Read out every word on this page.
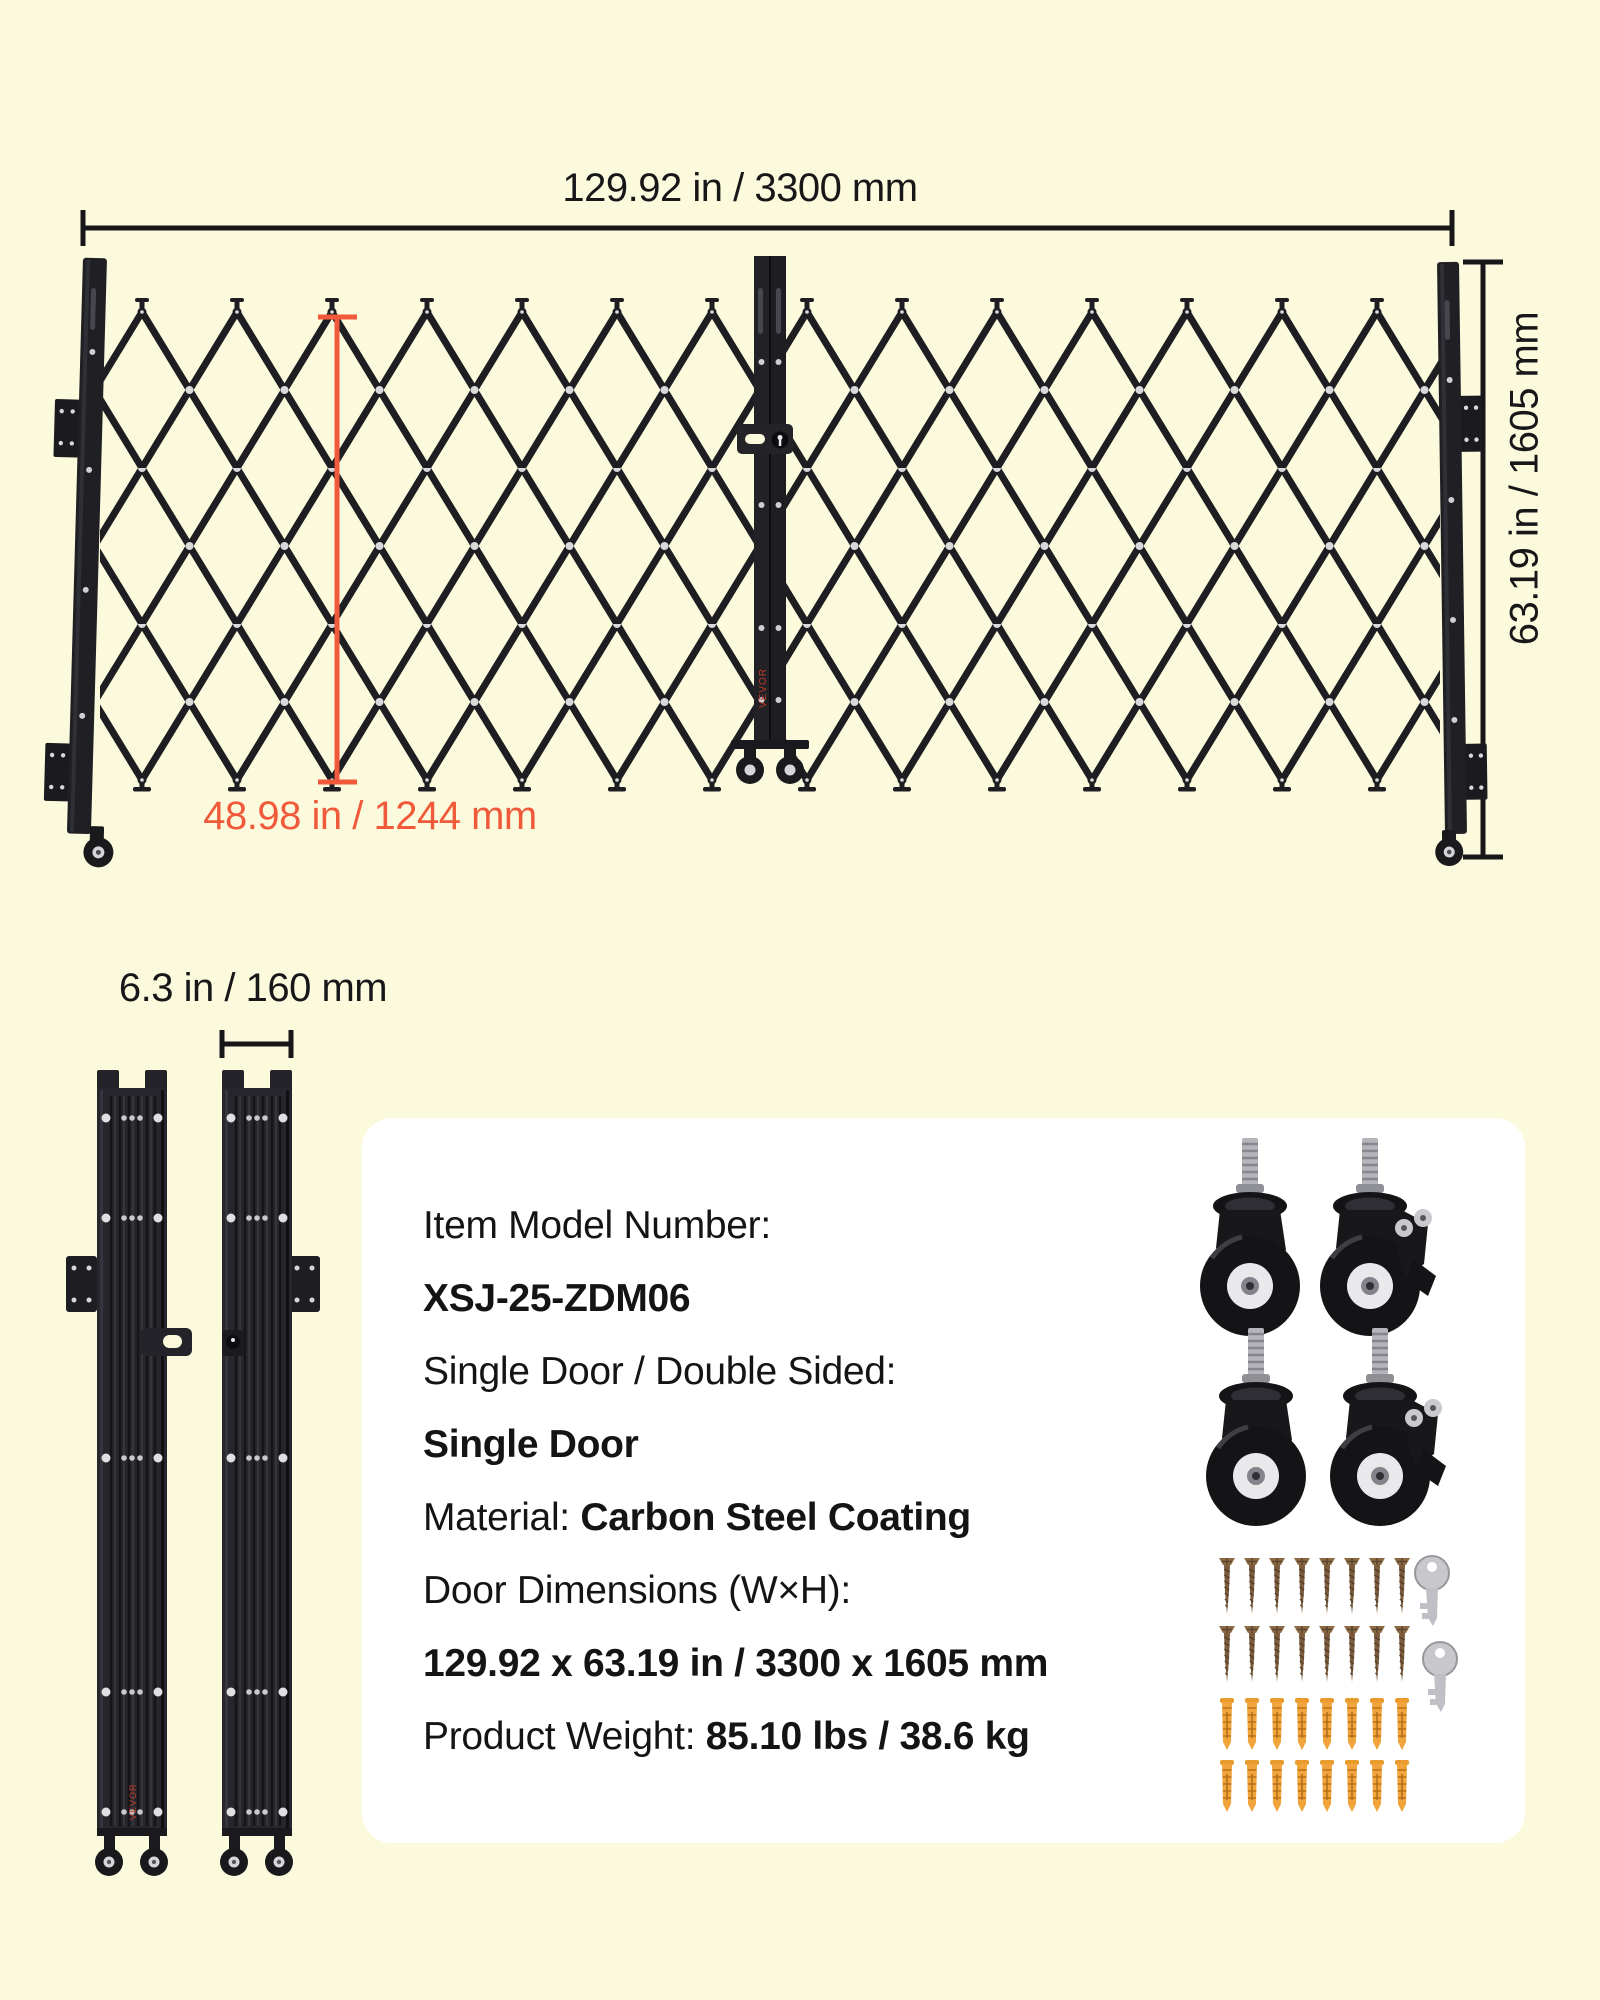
VEVOR
129.92 in / 3300 mm
63.19 in / 1605 mm
48.98 in / 1244 mm
6.3 in / 160 mm
VEVOR
Item Model Number:
XSJ-25-ZDM06
Single Door / Double Sided:
Single Door
Material: Carbon Steel Coating
Door Dimensions (W×H):
129.92 x 63.19 in / 3300 x 1605 mm
Product Weight: 85.10 lbs / 38.6 kg
